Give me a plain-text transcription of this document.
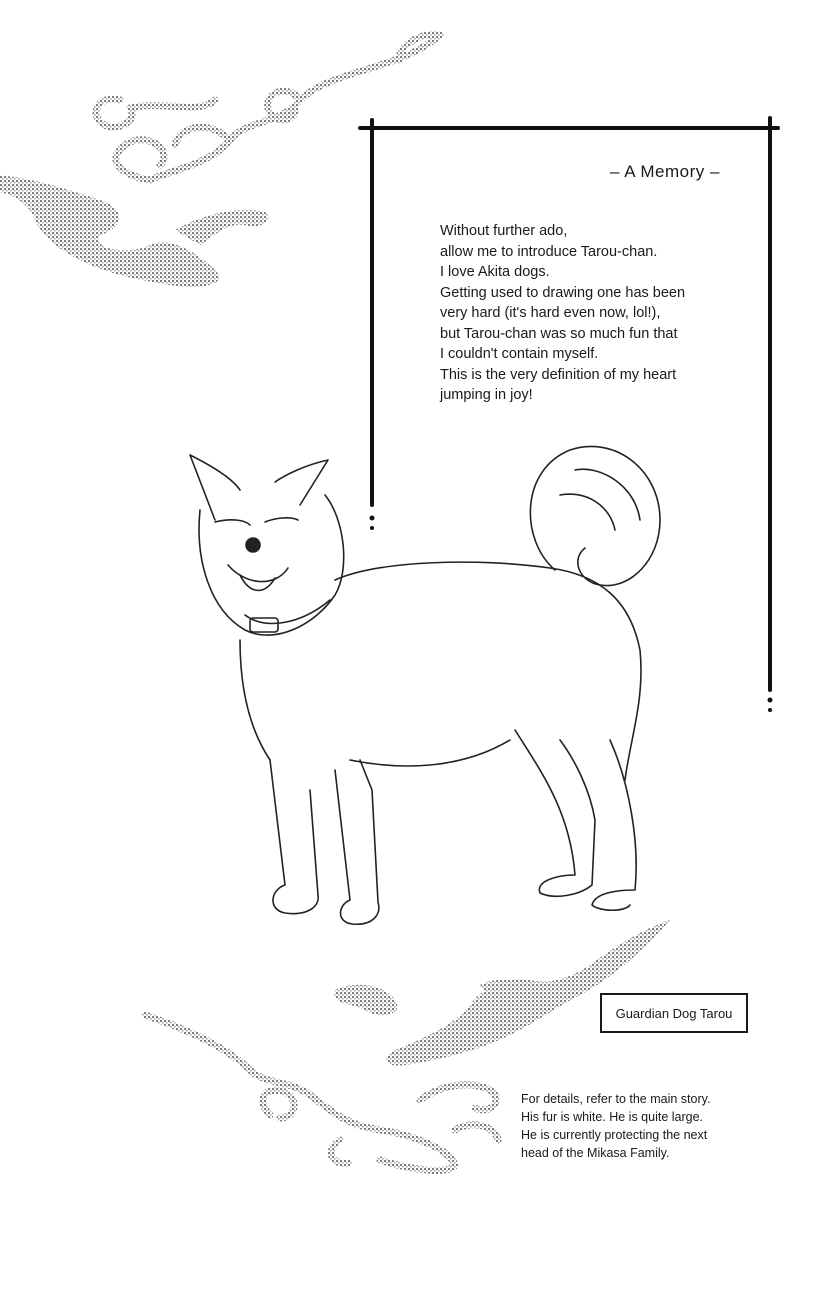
– A Memory –
Without further ado,
allow me to introduce Tarou-chan.
I love Akita dogs.
Getting used to drawing one has been
very hard (it's hard even now, lol!),
but Tarou-chan was so much fun that
I couldn't contain myself.
This is the very definition of my heart
jumping in joy!
Guardian Dog Tarou
For details, refer to the main story.
His fur is white. He is quite large.
He is currently protecting the next
head of the Mikasa Family.
